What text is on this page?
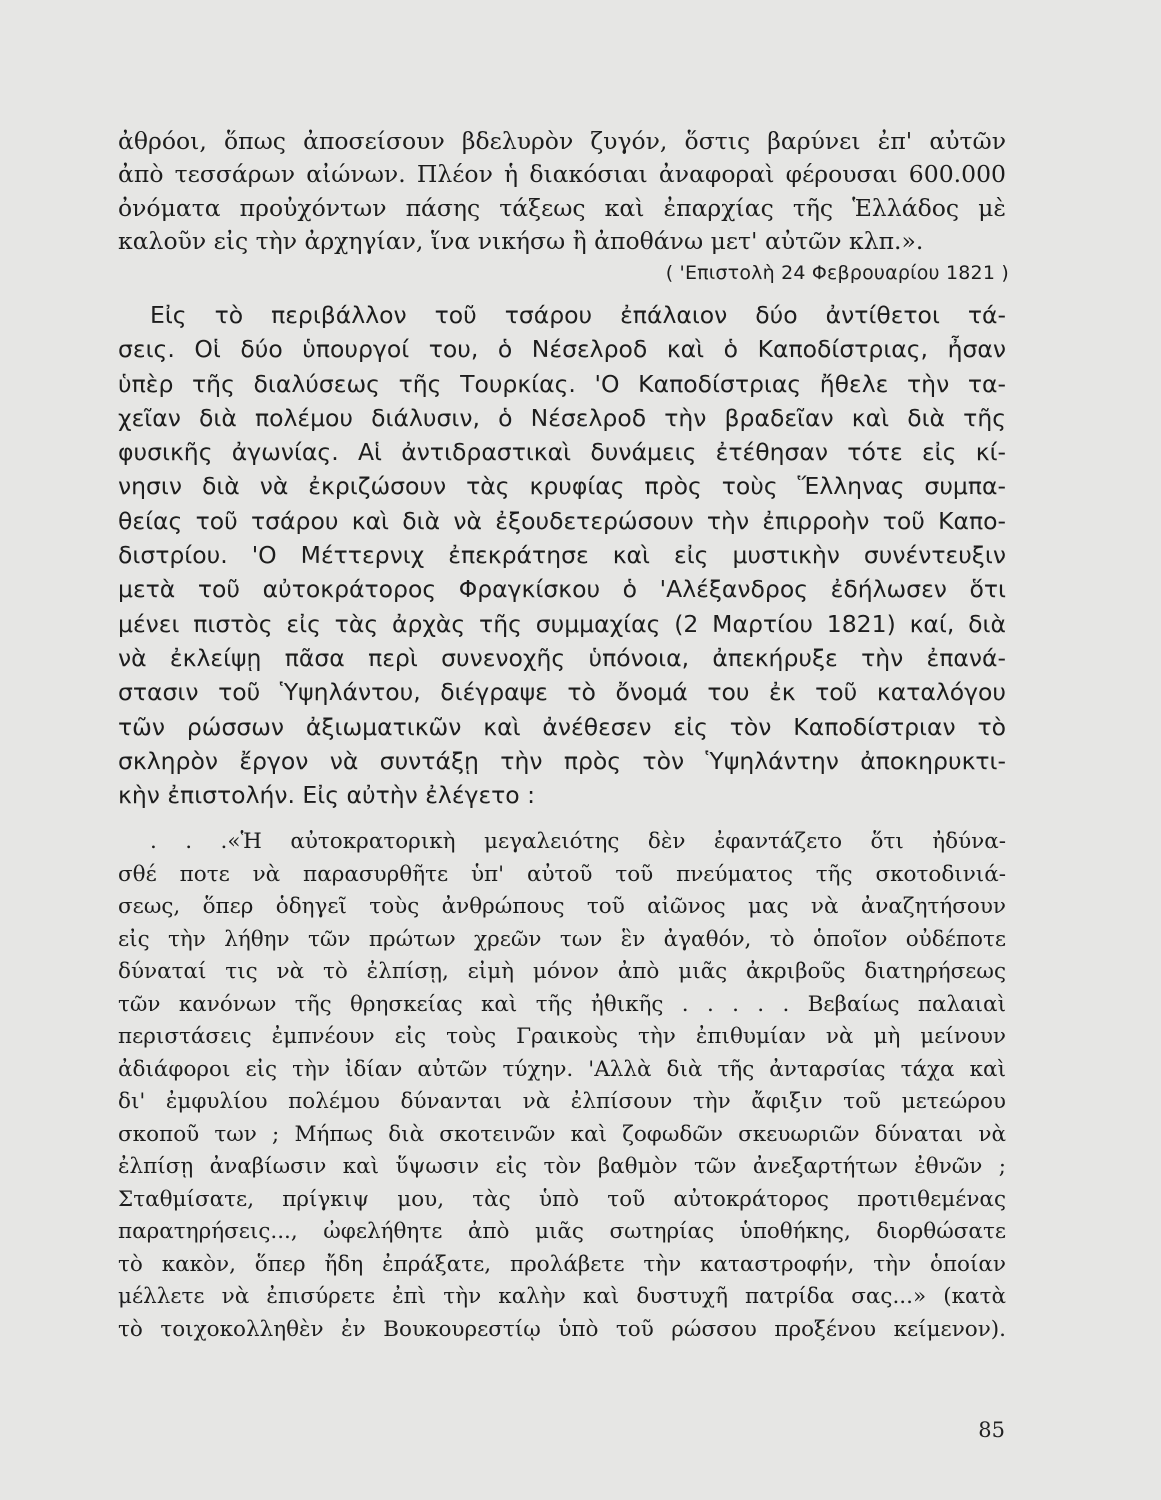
ἀθρόοι, ὅπως ἀποσείσουν βδελυρὸν ζυγόν, ὅστις βαρύνει ἐπ' αὐτῶν
ἀπὸ τεσσάρων αἰώνων. Πλέον ἡ διακόσιαι ἀναφοραὶ φέρουσαι 600.000
ὀνόματα προὐχόντων πάσης τάξεως καὶ ἐπαρχίας τῆς Ἑλλάδος μὲ
καλοῦν εἰς τὴν ἀρχηγίαν, ἵνα νικήσω ἢ ἀποθάνω μετ' αὐτῶν κλπ.».
( 'Επιστολὴ 24 Φεβρουαρίου 1821 )
Εἰς τὸ περιβάλλον τοῦ τσάρου ἐπάλαιον δύο ἀντίθετοι τά-
σεις. Οἱ δύο ὑπουργοί του, ὁ Νέσελροδ καὶ ὁ Καποδίστριας, ἦσαν
ὑπὲρ τῆς διαλύσεως τῆς Τουρκίας. 'Ο Καποδίστριας ἤθελε τὴν τα-
χεῖαν διὰ πολέμου διάλυσιν, ὁ Νέσελροδ τὴν βραδεῖαν καὶ διὰ τῆς
φυσικῆς ἀγωνίας. Αἱ ἀντιδραστικαὶ δυνάμεις ἐτέθησαν τότε εἰς κί-
νησιν διὰ νὰ ἐκριζώσουν τὰς κρυφίας πρὸς τοὺς Ἕλληνας συμπα-
θείας τοῦ τσάρου καὶ διὰ νὰ ἐξουδετερώσουν τὴν ἐπιρροὴν τοῦ Καπο-
διστρίου. 'Ο Μέττερνιχ ἐπεκράτησε καὶ εἰς μυστικὴν συνέντευξιν
μετὰ τοῦ αὐτοκράτορος Φραγκίσκου ὁ 'Αλέξανδρος ἐδήλωσεν ὅτι
μένει πιστὸς εἰς τὰς ἀρχὰς τῆς συμμαχίας (2 Μαρτίου 1821) καί, διὰ
νὰ ἐκλείψῃ πᾶσα περὶ συνενοχῆς ὑπόνοια, ἀπεκήρυξε τὴν ἐπανά-
στασιν τοῦ Ὑψηλάντου, διέγραψε τὸ ὄνομά του ἐκ τοῦ καταλόγου
τῶν ρώσσων ἀξιωματικῶν καὶ ἀνέθεσεν εἰς τὸν Καποδίστριαν τὸ
σκληρὸν ἔργον νὰ συντάξῃ τὴν πρὸς τὸν Ὑψηλάντην ἀποκηρυκτι-
κὴν ἐπιστολήν. Εἰς αὐτὴν ἐλέγετο :
. . .«Ἡ αὐτοκρατορικὴ μεγαλειότης δὲν ἐφαντάζετο ὅτι ἠδύνα-
σθέ ποτε νὰ παρασυρθῆτε ὑπ' αὐτοῦ τοῦ πνεύματος τῆς σκοτοδινιά-
σεως, ὅπερ ὁδηγεῖ τοὺς ἀνθρώπους τοῦ αἰῶνος μας νὰ ἀναζητήσουν
εἰς τὴν λήθην τῶν πρώτων χρεῶν των ἓν ἀγαθόν, τὸ ὁποῖον οὐδέποτε
δύναταί τις νὰ τὸ ἐλπίσῃ, εἰμὴ μόνον ἀπὸ μιᾶς ἀκριβοῦς διατηρήσεως
τῶν κανόνων τῆς θρησκείας καὶ τῆς ἠθικῆς . . . . . Βεβαίως παλαιαὶ
περιστάσεις ἐμπνέουν εἰς τοὺς Γραικοὺς τὴν ἐπιθυμίαν νὰ μὴ μείνουν
ἀδιάφοροι εἰς τὴν ἰδίαν αὐτῶν τύχην. 'Αλλὰ διὰ τῆς ἀνταρσίας τάχα καὶ
δι' ἐμφυλίου πολέμου δύνανται νὰ ἐλπίσουν τὴν ἄφιξιν τοῦ μετεώρου
σκοποῦ των ; Μήπως διὰ σκοτεινῶν καὶ ζοφωδῶν σκευωριῶν δύναται νὰ
ἐλπίσῃ ἀναβίωσιν καὶ ὕψωσιν εἰς τὸν βαθμὸν τῶν ἀνεξαρτήτων ἐθνῶν ;
Σταθμίσατε, πρίγκιψ μου, τὰς ὑπὸ τοῦ αὐτοκράτορος προτιθεμένας
παρατηρήσεις..., ὠφελήθητε ἀπὸ μιᾶς σωτηρίας ὑποθήκης, διορθώσατε
τὸ κακὸν, ὅπερ ἤδη ἐπράξατε, προλάβετε τὴν καταστροφήν, τὴν ὁποίαν
μέλλετε νὰ ἐπισύρετε ἐπὶ τὴν καλὴν καὶ δυστυχῆ πατρίδα σας...» (κατὰ
τὸ τοιχοκολληθὲν ἐν Βουκουρεστίῳ ὑπὸ τοῦ ρώσσου προξένου κείμενον).
85
